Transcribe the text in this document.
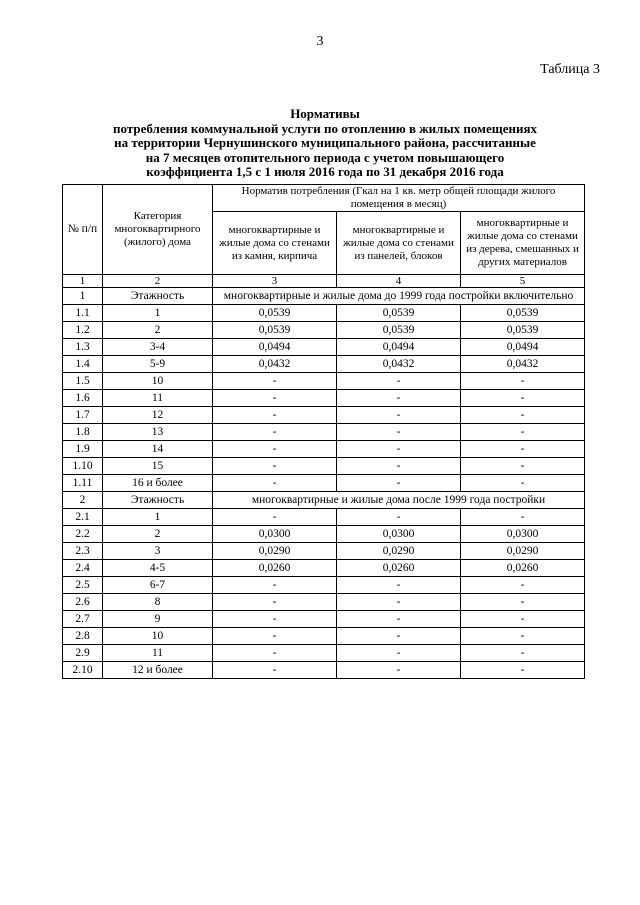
3
Таблица 3
Нормативы
потребления коммунальной услуги по отоплению в жилых помещениях
на территории Чернушинского муниципального района, рассчитанные
на 7 месяцев отопительного периода с учетом повышающего
коэффициента 1,5 с 1 июля 2016 года по 31 декабря 2016 года
№ п/п	Категория многоквартирного (жилого) дома	Норматив потребления (Гкал на 1 кв. метр общей площади жилого помещения в месяц)		
		многоквартирные и жилые дома со стенами из камня, кирпича	многоквартирные и жилые дома со стенами из панелей, блоков	многоквартирные и жилые дома со стенами из дерева, смешанных и других материалов
1	2	3	4	5
1	Этажность	многоквартирные и жилые дома до 1999 года постройки включительно		
1.1	1	0,0539	0,0539	0,0539
1.2	2	0,0539	0,0539	0,0539
1.3	3-4	0,0494	0,0494	0,0494
1.4	5-9	0,0432	0,0432	0,0432
1.5	10	-	-	-
1.6	11	-	-	-
1.7	12	-	-	-
1.8	13	-	-	-
1.9	14	-	-	-
1.10	15	-	-	-
1.11	16 и более	-	-	-
2	Этажность	многоквартирные и жилые дома после 1999 года постройки		
2.1	1	-	-	-
2.2	2	0,0300	0,0300	0,0300
2.3	3	0,0290	0,0290	0,0290
2.4	4-5	0,0260	0,0260	0,0260
2.5	6-7	-	-	-
2.6	8	-	-	-
2.7	9	-	-	-
2.8	10	-	-	-
2.9	11	-	-	-
2.10	12 и более	-	-	-
